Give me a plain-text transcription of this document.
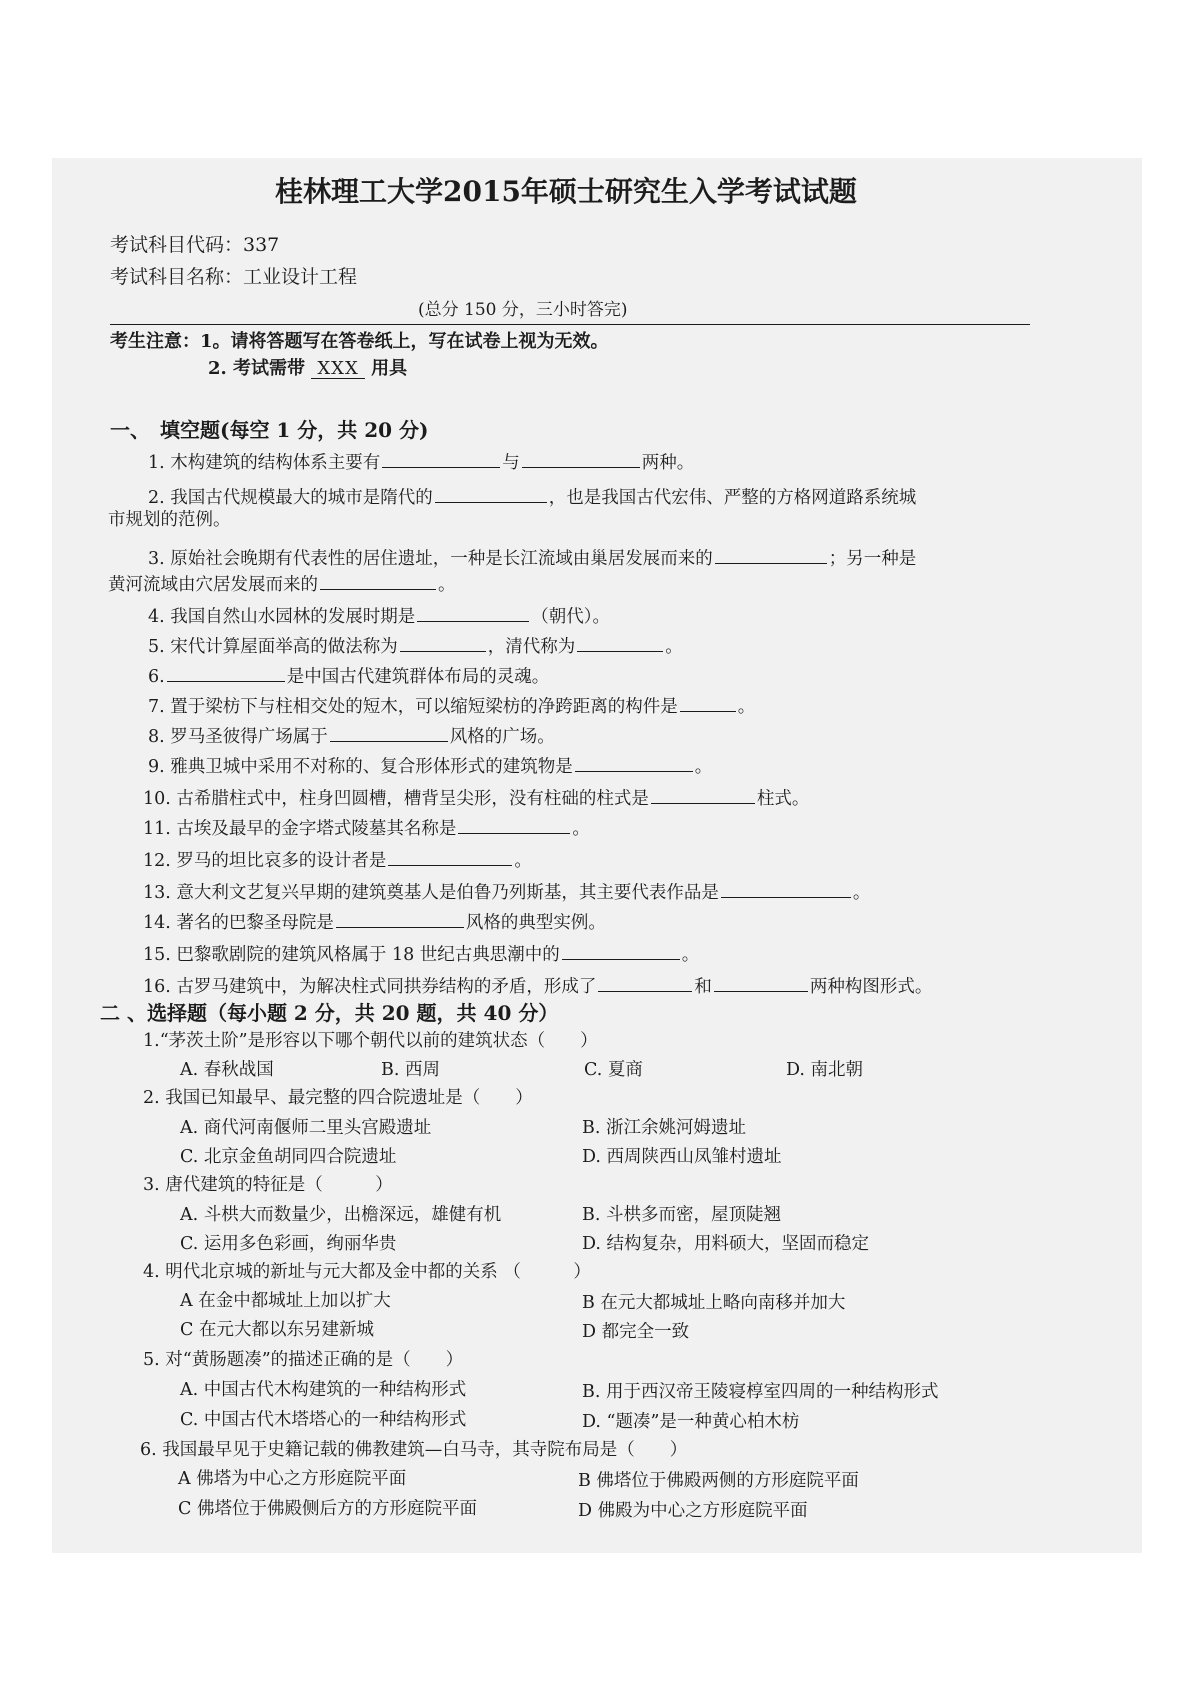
桂林理工大学2015年硕士研究生入学考试试题
考试科目代码：337
考试科目名称：工业设计工程
(总分 150 分，三小时答完)
考生注意：1。请将答题写在答卷纸上，写在试卷上视为无效。
2. 考试需带 XXX 用具
一、　填空题(每空 1 分，共 20 分)
1. 木构建筑的结构体系主要有	与	两种。
2. 我国古代规模最大的城市是隋代的	，也是我国古代宏伟、严整的方格网道路系统城
市规划的范例。
3. 原始社会晚期有代表性的居住遗址，一种是长江流域由巢居发展而来的	；另一种是
黄河流域由穴居发展而来的	。
4. 我国自然山水园林的发展时期是	（朝代）。
5. 宋代计算屋面举高的做法称为	，清代称为	。
6.	是中国古代建筑群体布局的灵魂。
7. 置于梁枋下与柱相交处的短木，可以缩短梁枋的净跨距离的构件是	。
8. 罗马圣彼得广场属于	风格的广场。
9. 雅典卫城中采用不对称的、复合形体形式的建筑物是	。
10. 古希腊柱式中，柱身凹圆槽，槽背呈尖形，没有柱础的柱式是	柱式。
11. 古埃及最早的金字塔式陵墓其名称是	。
12. 罗马的坦比哀多的设计者是	。
13. 意大利文艺复兴早期的建筑奠基人是伯鲁乃列斯基，其主要代表作品是	。
14. 著名的巴黎圣母院是	风格的典型实例。
15. 巴黎歌剧院的建筑风格属于 18 世纪古典思潮中的	。
16. 古罗马建筑中，为解决柱式同拱券结构的矛盾，形成了	和	两种构图形式。
二 、选择题（每小题 2 分，共 20 题，共 40 分）
1.“茅茨土阶”是形容以下哪个朝代以前的建筑状态（　　）
A. 春秋战国	B. 西周	C. 夏商	D. 南北朝
2. 我国已知最早、最完整的四合院遗址是（　　）
A. 商代河南偃师二里头宫殿遗址	B. 浙江余姚河姆遗址
C. 北京金鱼胡同四合院遗址	D. 西周陕西山凤雏村遗址
3. 唐代建筑的特征是（　　　）
A. 斗栱大而数量少，出檐深远，雄健有机	B. 斗栱多而密，屋顶陡翘
C. 运用多色彩画，绚丽华贵	D. 结构复杂，用料硕大，坚固而稳定
4. 明代北京城的新址与元大都及金中都的关系 （　　　）
A 在金中都城址上加以扩大	B 在元大都城址上略向南移并加大
C 在元大都以东另建新城	D 都完全一致
5. 对“黄肠题凑”的描述正确的是（　　）
A. 中国古代木构建筑的一种结构形式	B. 用于西汉帝王陵寝椁室四周的一种结构形式
C. 中国古代木塔塔心的一种结构形式	D. “题凑”是一种黄心柏木枋
6. 我国最早见于史籍记载的佛教建筑—白马寺，其寺院布局是（　　）
A 佛塔为中心之方形庭院平面	B 佛塔位于佛殿两侧的方形庭院平面
C 佛塔位于佛殿侧后方的方形庭院平面	D 佛殿为中心之方形庭院平面
